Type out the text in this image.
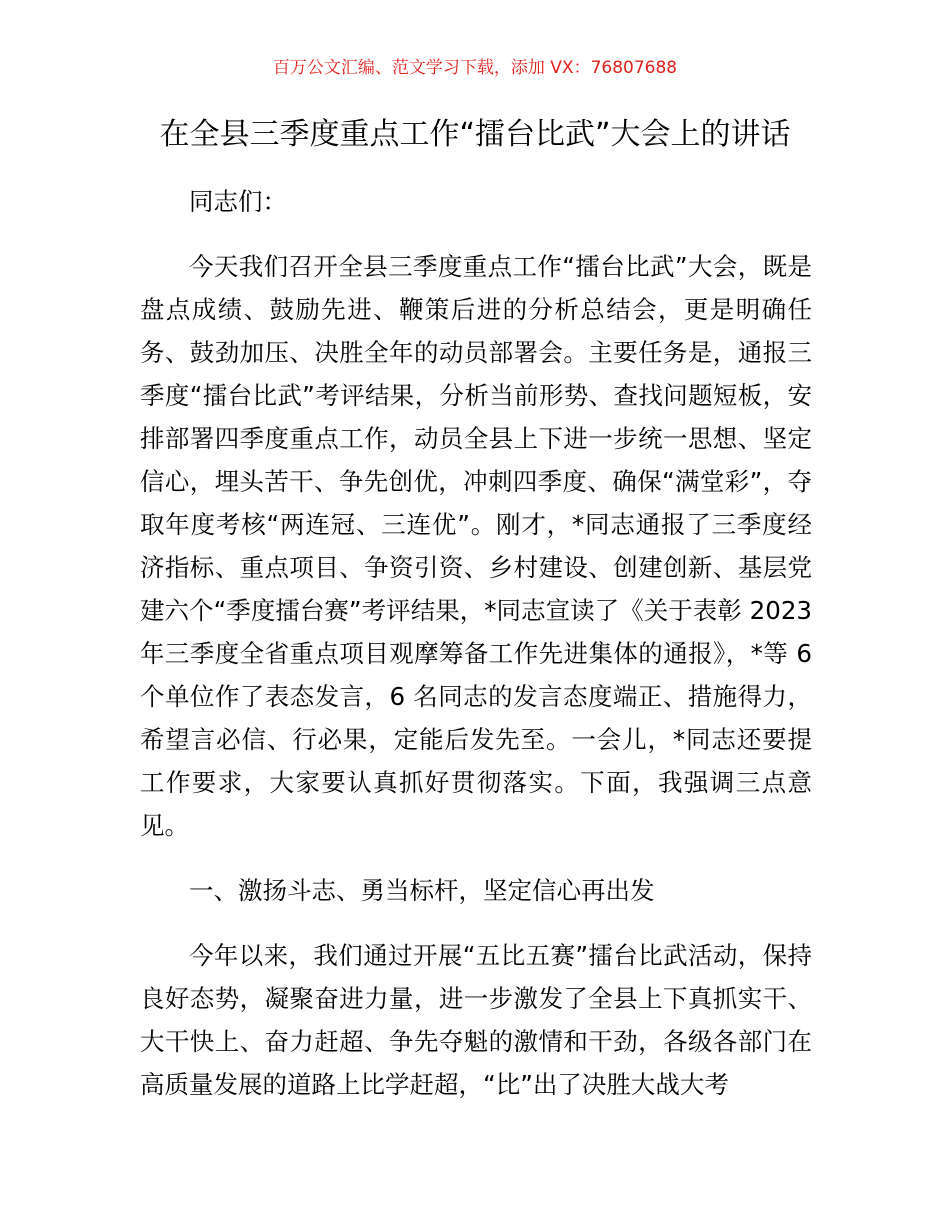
百万公文汇编、范文学习下载，添加 VX：76807688
在全县三季度重点工作“擂台比武”大会上的讲话

同志们：

今天我们召开全县三季度重点工作“擂台比武”大会，既是盘点成绩、鼓励先进、鞭策后进的分析总结会，更是明确任务、鼓劲加压、决胜全年的动员部署会。主要任务是，通报三季度“擂台比武”考评结果，分析当前形势、查找问题短板，安排部署四季度重点工作，动员全县上下进一步统一思想、坚定信心，埋头苦干、争先创优，冲刺四季度、确保“满堂彩”，夺取年度考核“两连冠、三连优”。刚才，*同志通报了三季度经济指标、重点项目、争资引资、乡村建设、创建创新、基层党建六个“季度擂台赛”考评结果，*同志宣读了《关于表彰 2023 年三季度全省重点项目观摩筹备工作先进集体的通报》，*等 6 个单位作了表态发言，6 名同志的发言态度端正、措施得力，希望言必信、行必果，定能后发先至。一会儿，*同志还要提工作要求，大家要认真抓好贯彻落实。下面，我强调三点意见。

一、激扬斗志、勇当标杆，坚定信心再出发

今年以来，我们通过开展“五比五赛”擂台比武活动，保持良好态势，凝聚奋进力量，进一步激发了全县上下真抓实干、大干快上、奋力赶超、争先夺魁的激情和干劲，各级各部门在高质量发展的道路上比学赶超，“比”出了决胜大战大考
